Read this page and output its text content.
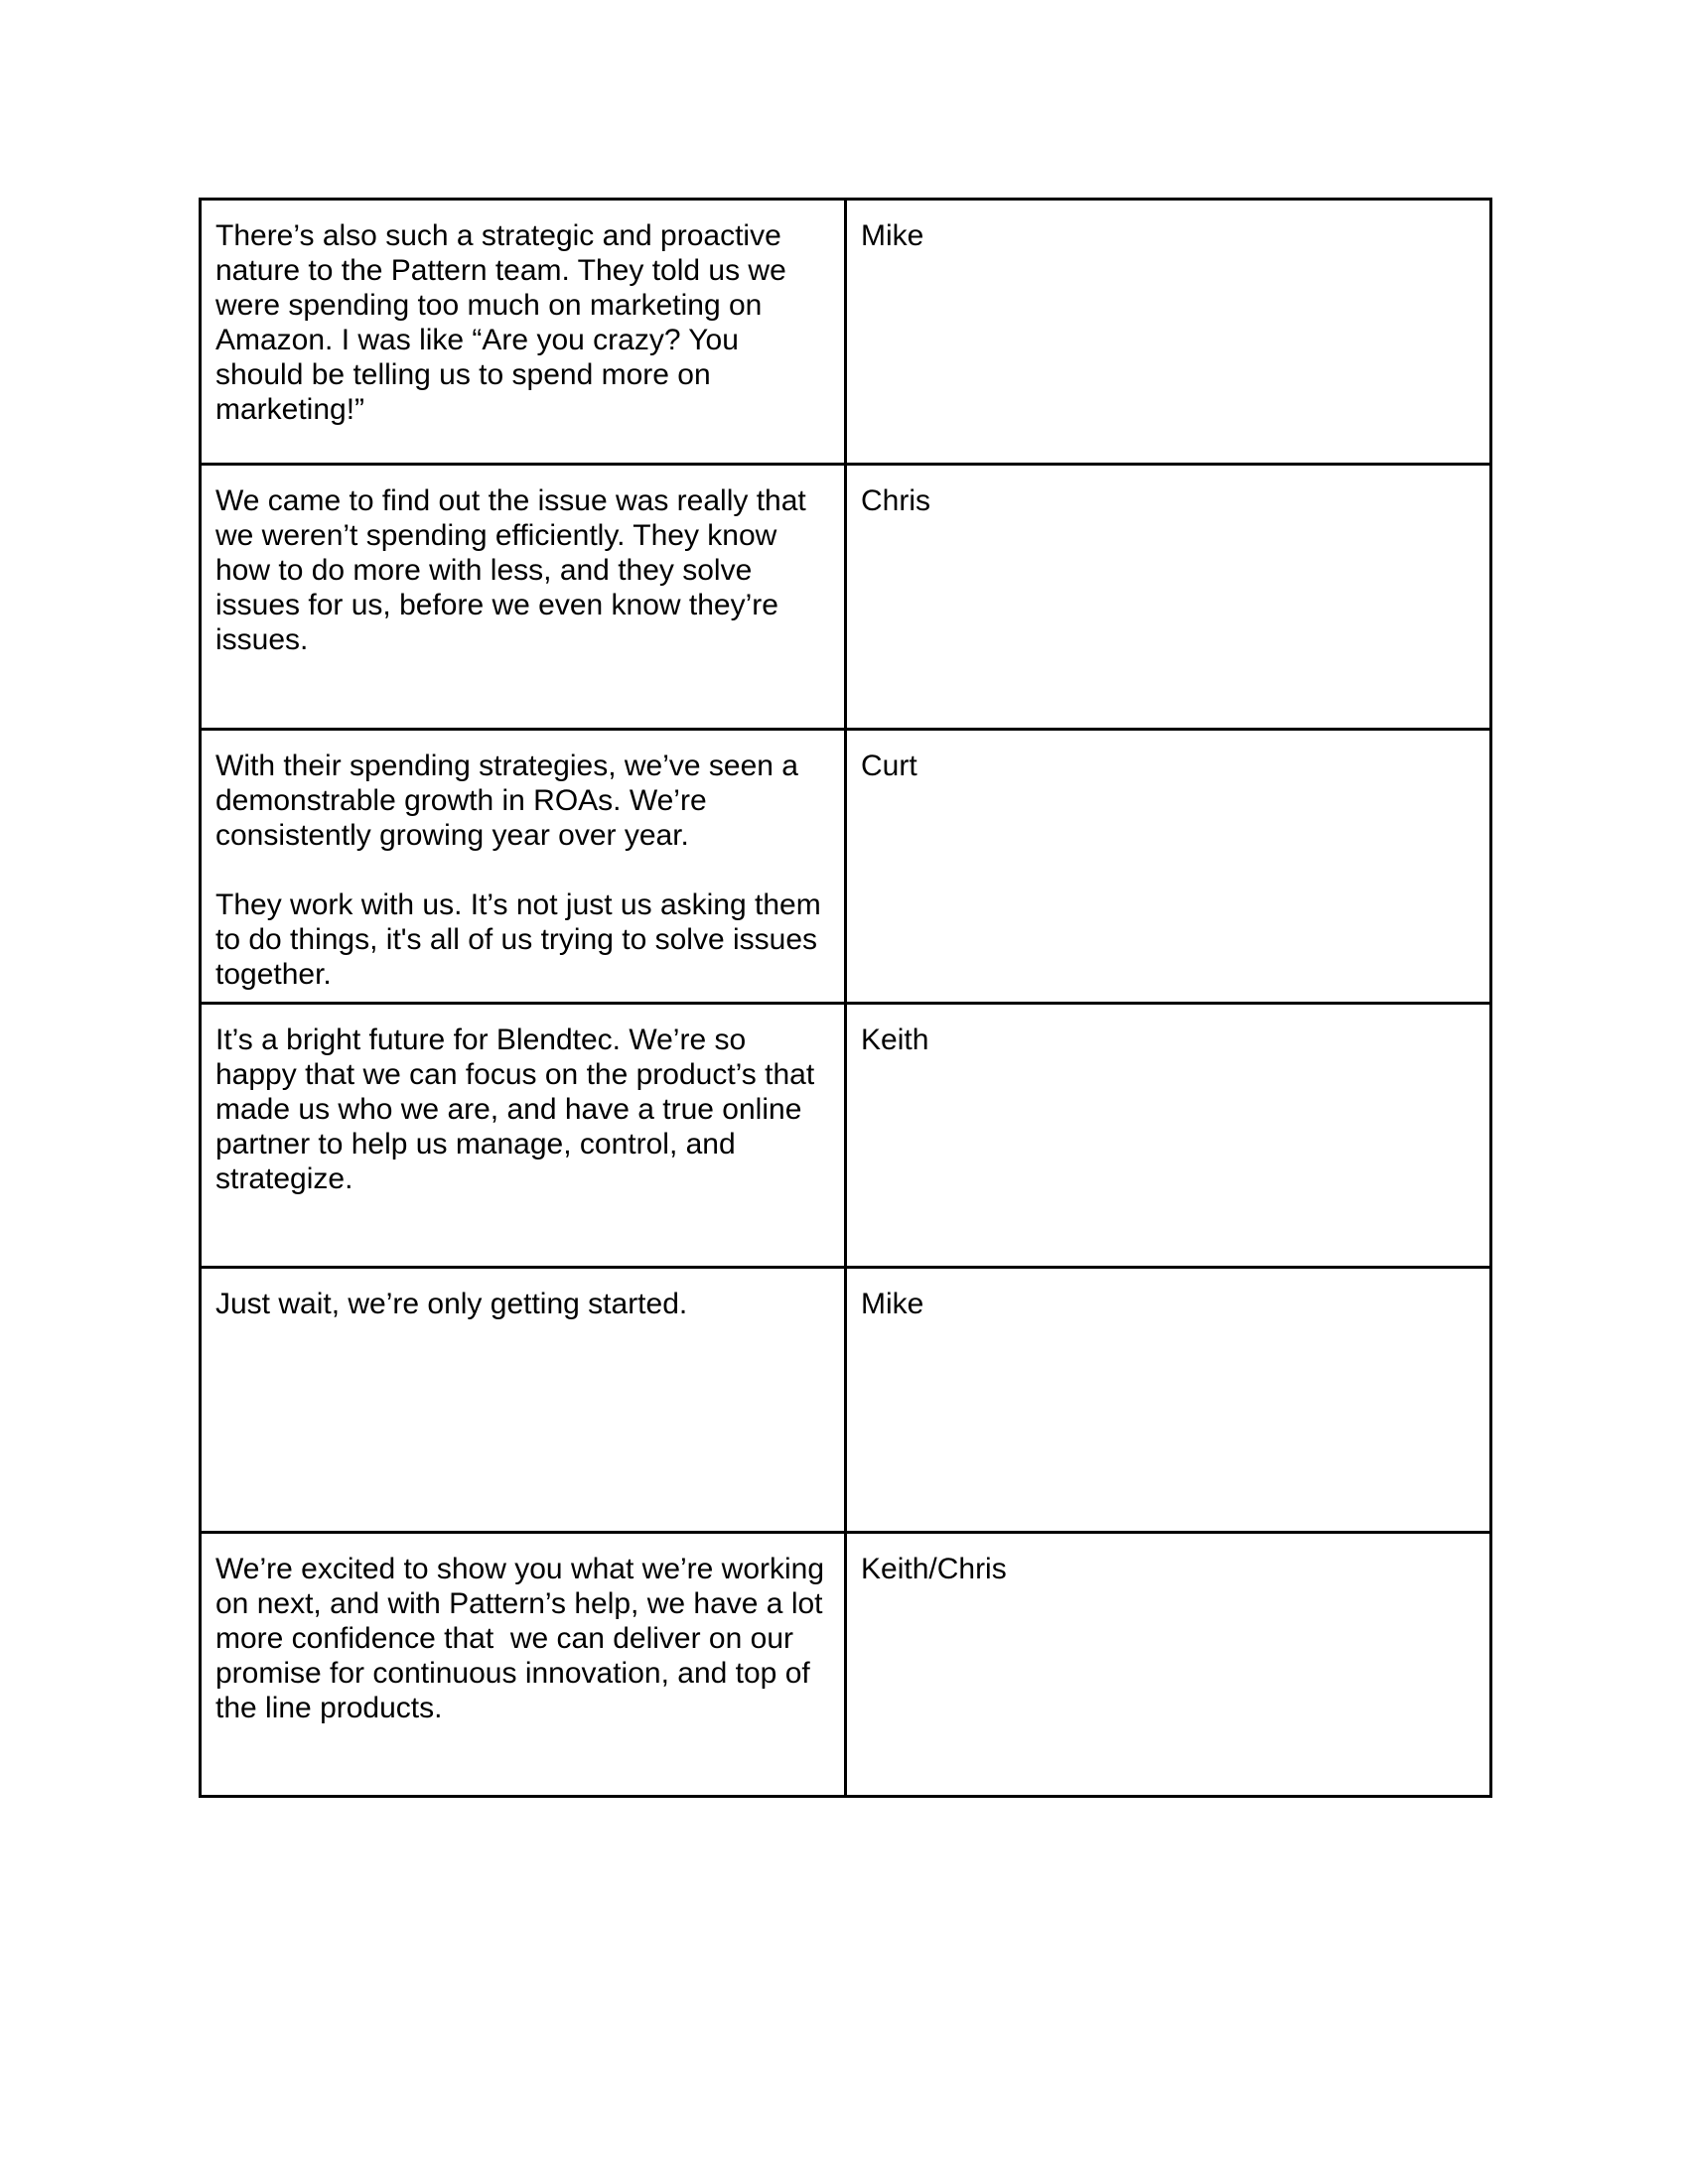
There’s also such a strategic and proactive nature to the Pattern team. They told us we were spending too much on marketing on Amazon. I was like “Are you crazy? You should be telling us to spend more on marketing!”	Mike

We came to find out the issue was really that we weren’t spending efficiently. They know how to do more with less, and they solve issues for us, before we even know they’re issues.	Chris

With their spending strategies, we’ve seen a demonstrable growth in ROAs. We’re consistently growing year over year.

They work with us. It’s not just us asking them to do things, it's all of us trying to solve issues together.	Curt

It’s a bright future for Blendtec. We’re so happy that we can focus on the product’s that made us who we are, and have a true online partner to help us manage, control, and strategize.	Keith

Just wait, we’re only getting started.	Mike

We’re excited to show you what we’re working on next, and with Pattern’s help, we have a lot more confidence that  we can deliver on our promise for continuous innovation, and top of the line products.	Keith/Chris
